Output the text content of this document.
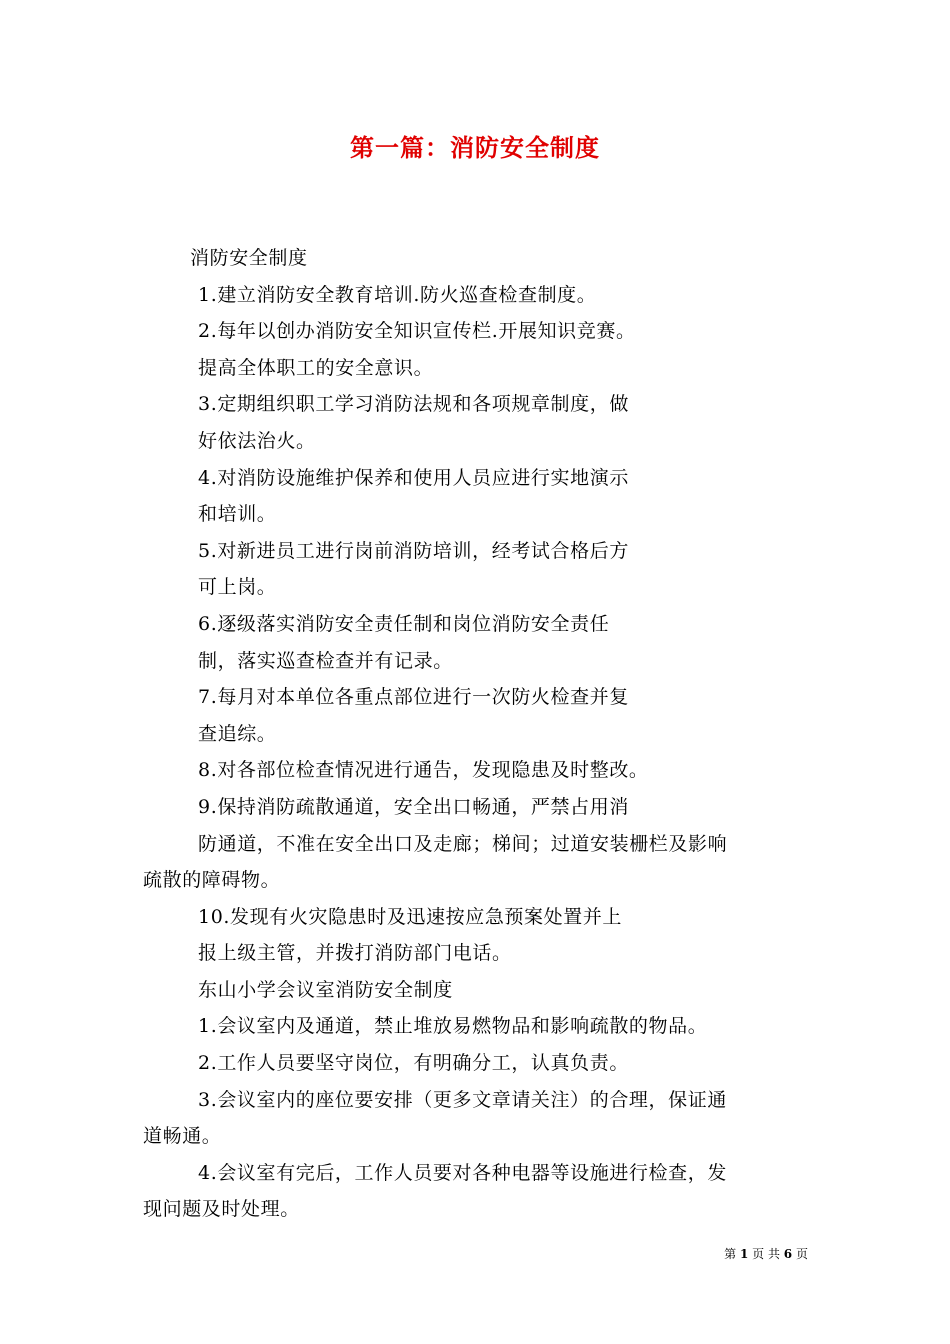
第一篇：消防安全制度
消防安全制度
1.建立消防安全教育培训.防火巡查检查制度。
2.每年以创办消防安全知识宣传栏.开展知识竞赛。
提高全体职工的安全意识。
3.定期组织职工学习消防法规和各项规章制度，做
好依法治火。
4.对消防设施维护保养和使用人员应进行实地演示
和培训。
5.对新进员工进行岗前消防培训，经考试合格后方
可上岗。
6.逐级落实消防安全责任制和岗位消防安全责任
制，落实巡查检查并有记录。
7.每月对本单位各重点部位进行一次防火检查并复
查追综。
8.对各部位检查情况进行通告，发现隐患及时整改。
9.保持消防疏散通道，安全出口畅通，严禁占用消
防通道，不准在安全出口及走廊；梯间；过道安装栅栏及影响
疏散的障碍物。
10.发现有火灾隐患时及迅速按应急预案处置并上
报上级主管，并拨打消防部门电话。
东山小学会议室消防安全制度
1.会议室内及通道，禁止堆放易燃物品和影响疏散的物品。
2.工作人员要坚守岗位，有明确分工，认真负责。
3.会议室内的座位要安排（更多文章请关注）的合理，保证通
道畅通。
4.会议室有完后，工作人员要对各种电器等设施进行检查，发
现问题及时处理。
第 1 页 共 6 页
